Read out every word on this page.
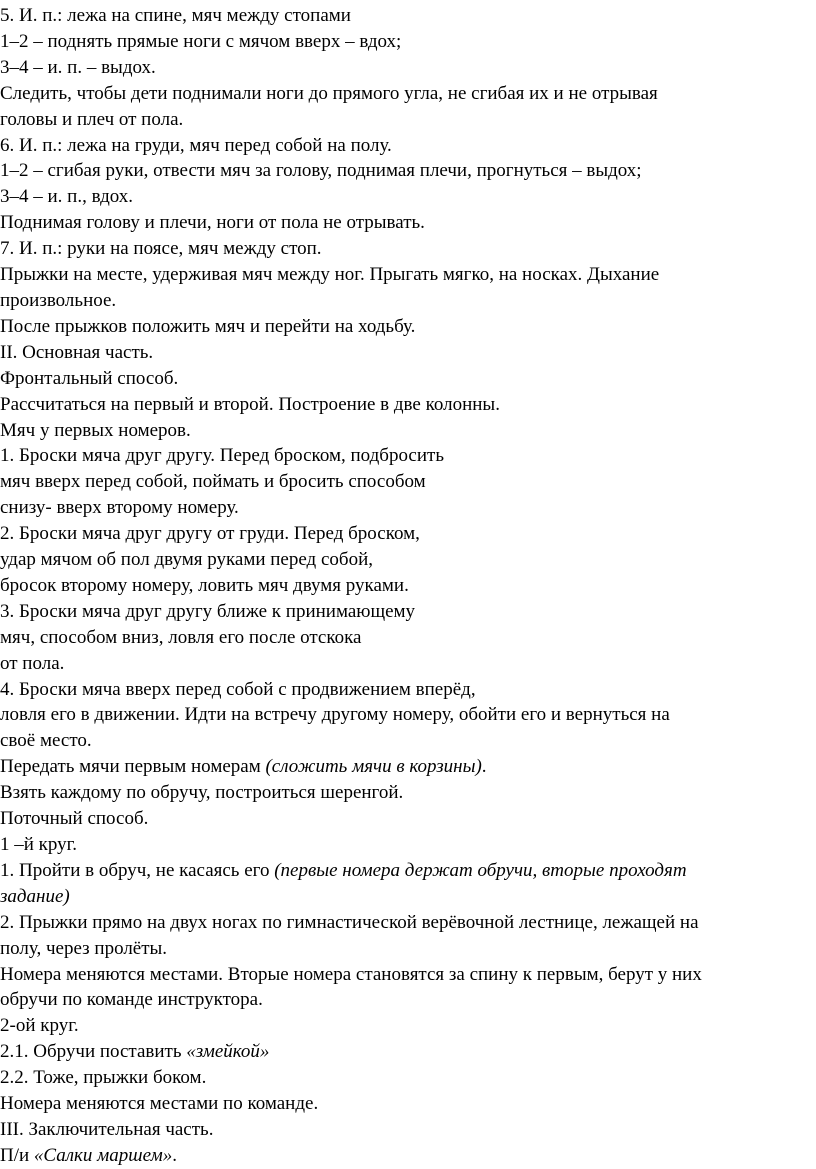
5. И. п.: лежа на спине, мяч между стопами
1–2 – поднять прямые ноги с мячом вверх – вдох;
3–4 – и. п. – выдох.
Следить, чтобы дети поднимали ноги до прямого угла, не сгибая их и не отрывая
головы и плеч от пола.
6. И. п.: лежа на груди, мяч перед собой на полу.
1–2 – сгибая руки, отвести мяч за голову, поднимая плечи, прогнуться – выдох;
3–4 – и. п., вдох.
Поднимая голову и плечи, ноги от пола не отрывать.
7. И. п.: руки на поясе, мяч между стоп.
Прыжки на месте, удерживая мяч между ног. Прыгать мягко, на носках. Дыхание
произвольное.
После прыжков положить мяч и перейти на ходьбу.
II. Основная часть.
Фронтальный способ.
Рассчитаться на первый и второй. Построение в две колонны.
Мяч у первых номеров.
1. Броски мяча друг другу. Перед броском, подбросить
мяч вверх перед собой, поймать и бросить способом
снизу- вверх второму номеру.
2. Броски мяча друг другу от груди. Перед броском,
удар мячом об пол двумя руками перед собой,
бросок второму номеру, ловить мяч двумя руками.
3. Броски мяча друг другу ближе к принимающему
мяч, способом вниз, ловля его после отскока
от пола.
4. Броски мяча вверх перед собой с продвижением вперёд,
ловля его в движении. Идти на встречу другому номеру, обойти его и вернуться на
своё место.
Передать мячи первым номерам (сложить мячи в корзины).
Взять каждому по обручу, построиться шеренгой.
Поточный способ.
1 –й круг.
1. Пройти в обруч, не касаясь его (первые номера держат обручи, вторые проходят
задание)
2. Прыжки прямо на двух ногах по гимнастической верёвочной лестнице, лежащей на
полу, через пролёты.
Номера меняются местами. Вторые номера становятся за спину к первым, берут у них
обручи по команде инструктора.
2-ой круг.
2.1. Обручи поставить «змейкой»
2.2. Тоже, прыжки боком.
Номера меняются местами по команде.
III. Заключительная часть.
П/и «Салки маршем».
